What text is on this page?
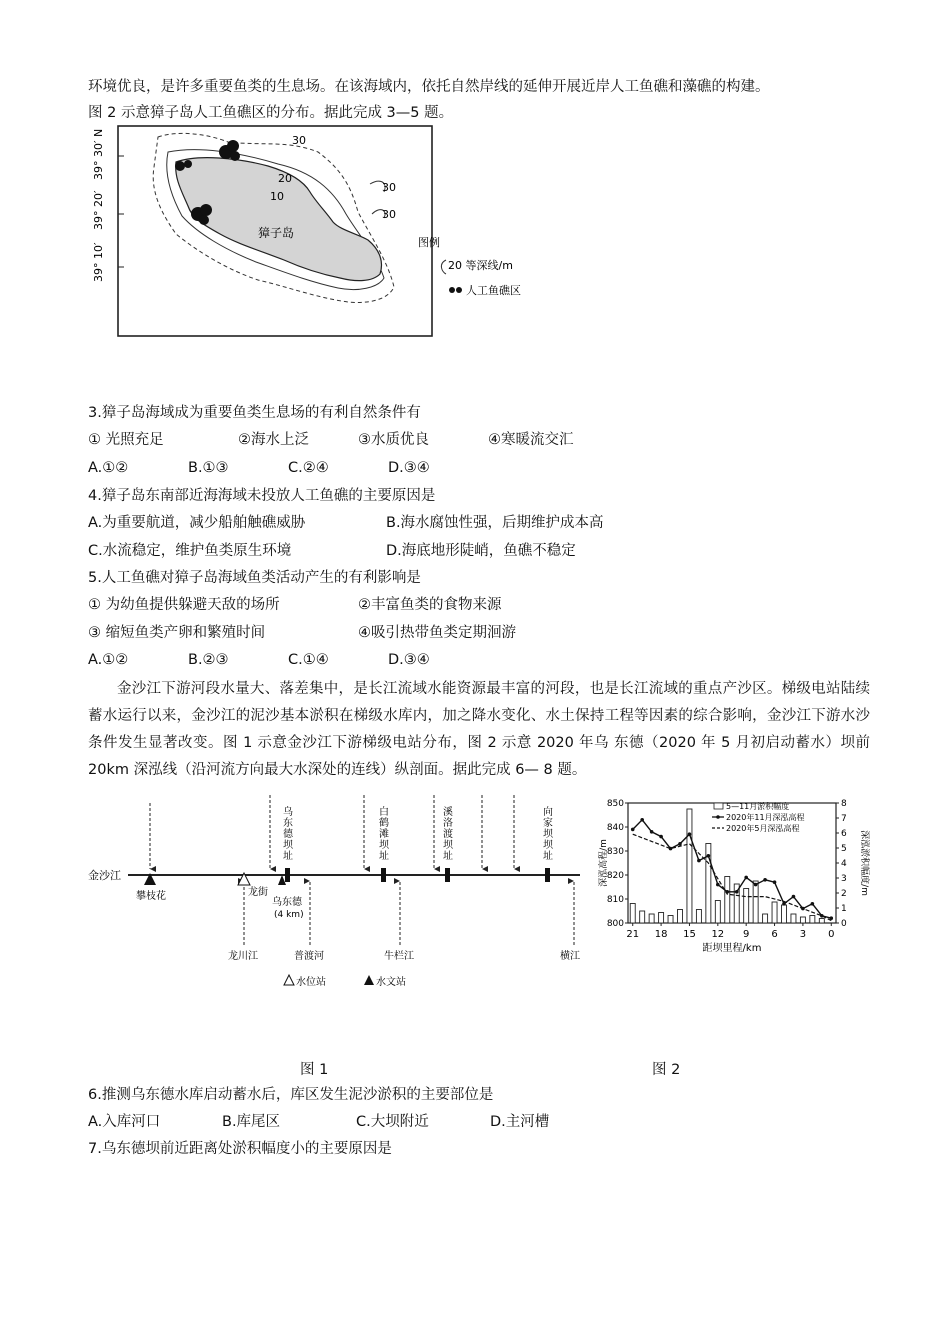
环境优良，是许多重要鱼类的生息场。在该海域内，依托自然岸线的延伸开展近岸人工鱼礁和藻礁的构建。
图 2 示意獐子岛人工鱼礁区的分布。据此完成 3—5 题。
39° 30′ N
39° 20′
39° 10′
30
20
10
30
30
獐子岛
图例
20 等深线/m
人工鱼礁区
3.獐子岛海域成为重要鱼类生息场的有利自然条件有
① 光照充足	②海水上泛	③水质优良	④寒暖流交汇
A.①②	B.①③	C.②④	D.③④
4.獐子岛东南部近海海域未投放人工鱼礁的主要原因是
A.为重要航道，减少船舶触礁威胁	B.海水腐蚀性强，后期维护成本高
C.水流稳定，维护鱼类原生环境	D.海底地形陡峭，鱼礁不稳定
5.人工鱼礁对獐子岛海域鱼类活动产生的有利影响是
① 为幼鱼提供躲避天敌的场所	②丰富鱼类的食物来源
③ 缩短鱼类产卵和繁殖时间	④吸引热带鱼类定期洄游
A.①②	B.②③	C.①④	D.③④
金沙江下游河段水量大、落差集中，是长江流域水能资源最丰富的河段，也是长江流域的重点产沙区。梯级电站陆续蓄水运行以来，金沙江的泥沙基本淤积在梯级水库内，加之降水变化、水土保持工程等因素的综合影响，金沙江下游水沙条件发生显著改变。图 1 示意金沙江下游梯级电站分布，图 2 示意 2020 年乌 东德（2020 年 5 月初启动蓄水）坝前20km 深泓线（沿河流方向最大水深处的连线）纵剖面。据此完成 6— 8 题。
金沙江
乌东德坝址
白鹤滩坝址
溪洛渡坝址
向家坝坝址
攀枝花	龙街
乌东德
(4 km)
龙川江	普渡河	牛栏江	横江
水位站	水文站
21 18 15 12 9 6 3 0
800
810
820
830
840
850
0
1
2
3
4
5
6
7
8
距坝里程/km
深泓高程/m	深泓淤积幅度/m
5—11月淤积幅度
2020年11月深泓高程
2020年5月深泓高程
图 1	图 2
6.推测乌东德水库启动蓄水后，库区发生泥沙淤积的主要部位是
A.入库河口	B.库尾区	C.大坝附近	D.主河槽
7.乌东德坝前近距离处淤积幅度小的主要原因是
